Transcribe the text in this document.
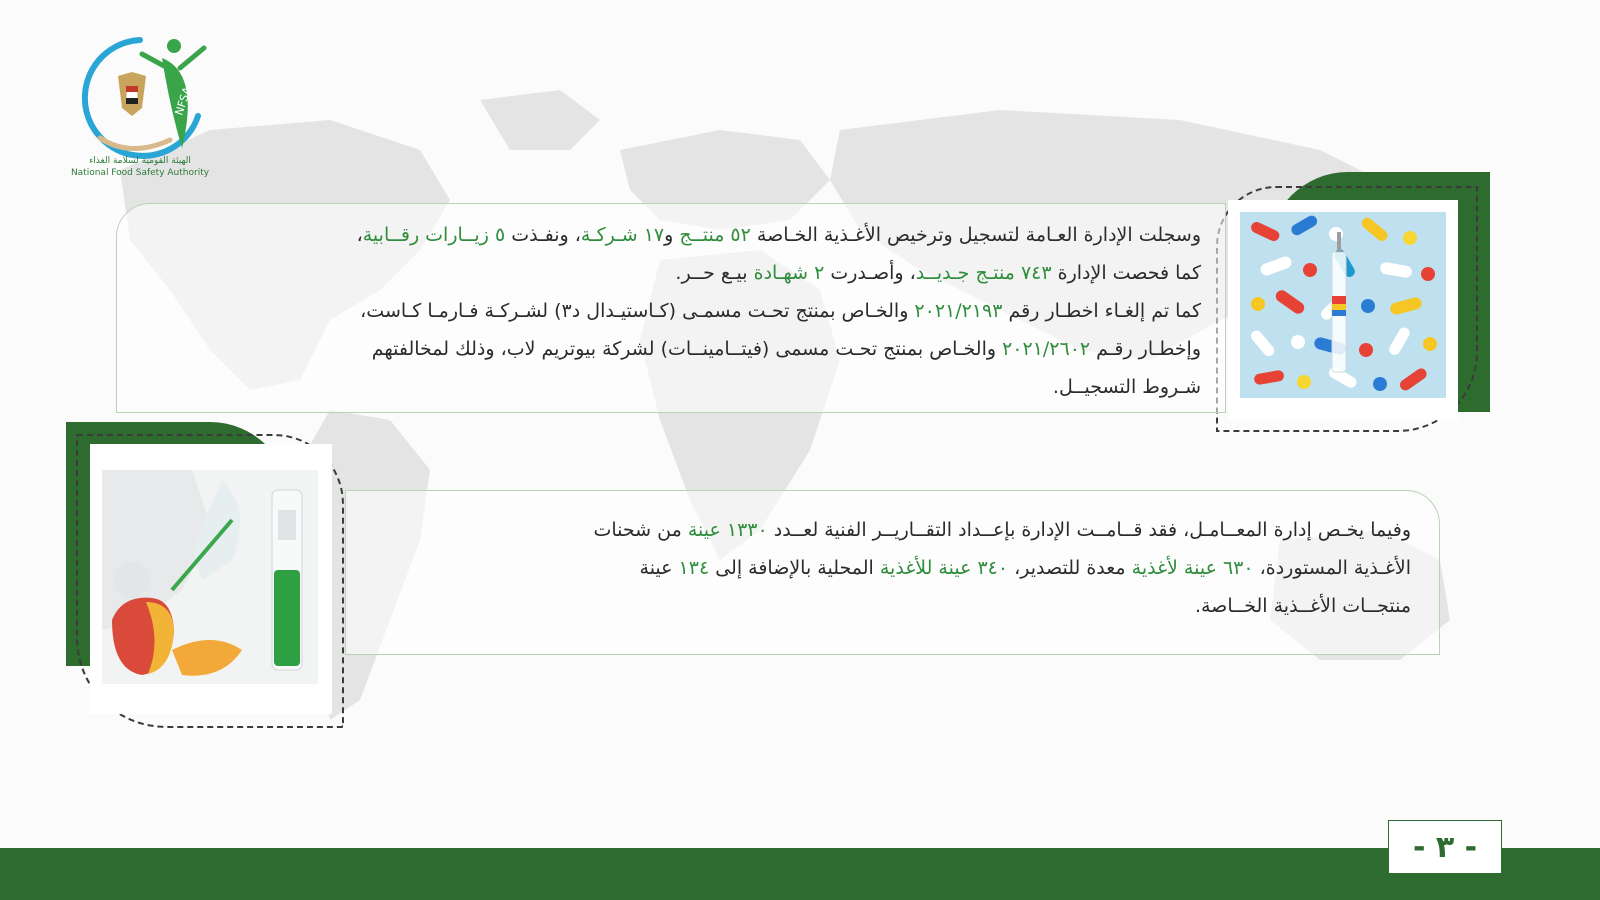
NFSA
الهيئة القومية لسلامة الغذاء
National Food Safety Authority

وسجلت الإدارة العـامة لتسجيل وترخيص الأغـذية الخـاصة ٥٢ منتــج و١٧ شـركـة، ونفـذت ٥ زيــارات رقــابية،

كما فحصت الإدارة ٧٤٣ منتـج جـديــد، وأصـدرت ٢ شهـادة بيـع حــر.

كما تم إلغـاء اخطـار رقم ٢٠٢١/٢١٩٣ والخـاص بمنتج تحـت مسمـى (كـاستيـدال د٣) لشـركـة فـارمـا كـاست،

وإخطـار رقـم ٢٠٢١/٢٦٠٢ والخـاص بمنتج تحـت مسمى (فيتــامينــات) لشركة بيوتريم لاب، وذلك لمخالفتهم

شـروط التسجيــل.

وفيما يخـص إدارة المعــامـل، فقد قــامــت الإدارة بإعــداد التقــاريــر الفنية لعــدد ١٣٣٠ عينة من شحنات

الأغـذية المستوردة، ٦٣٠ عينة لأغذية معدة للتصدير، ٣٤٠ عينة للأغذية المحلية بالإضافة إلى ١٣٤ عينة

منتجــات الأغــذية الخــاصة.

- ٣ -
